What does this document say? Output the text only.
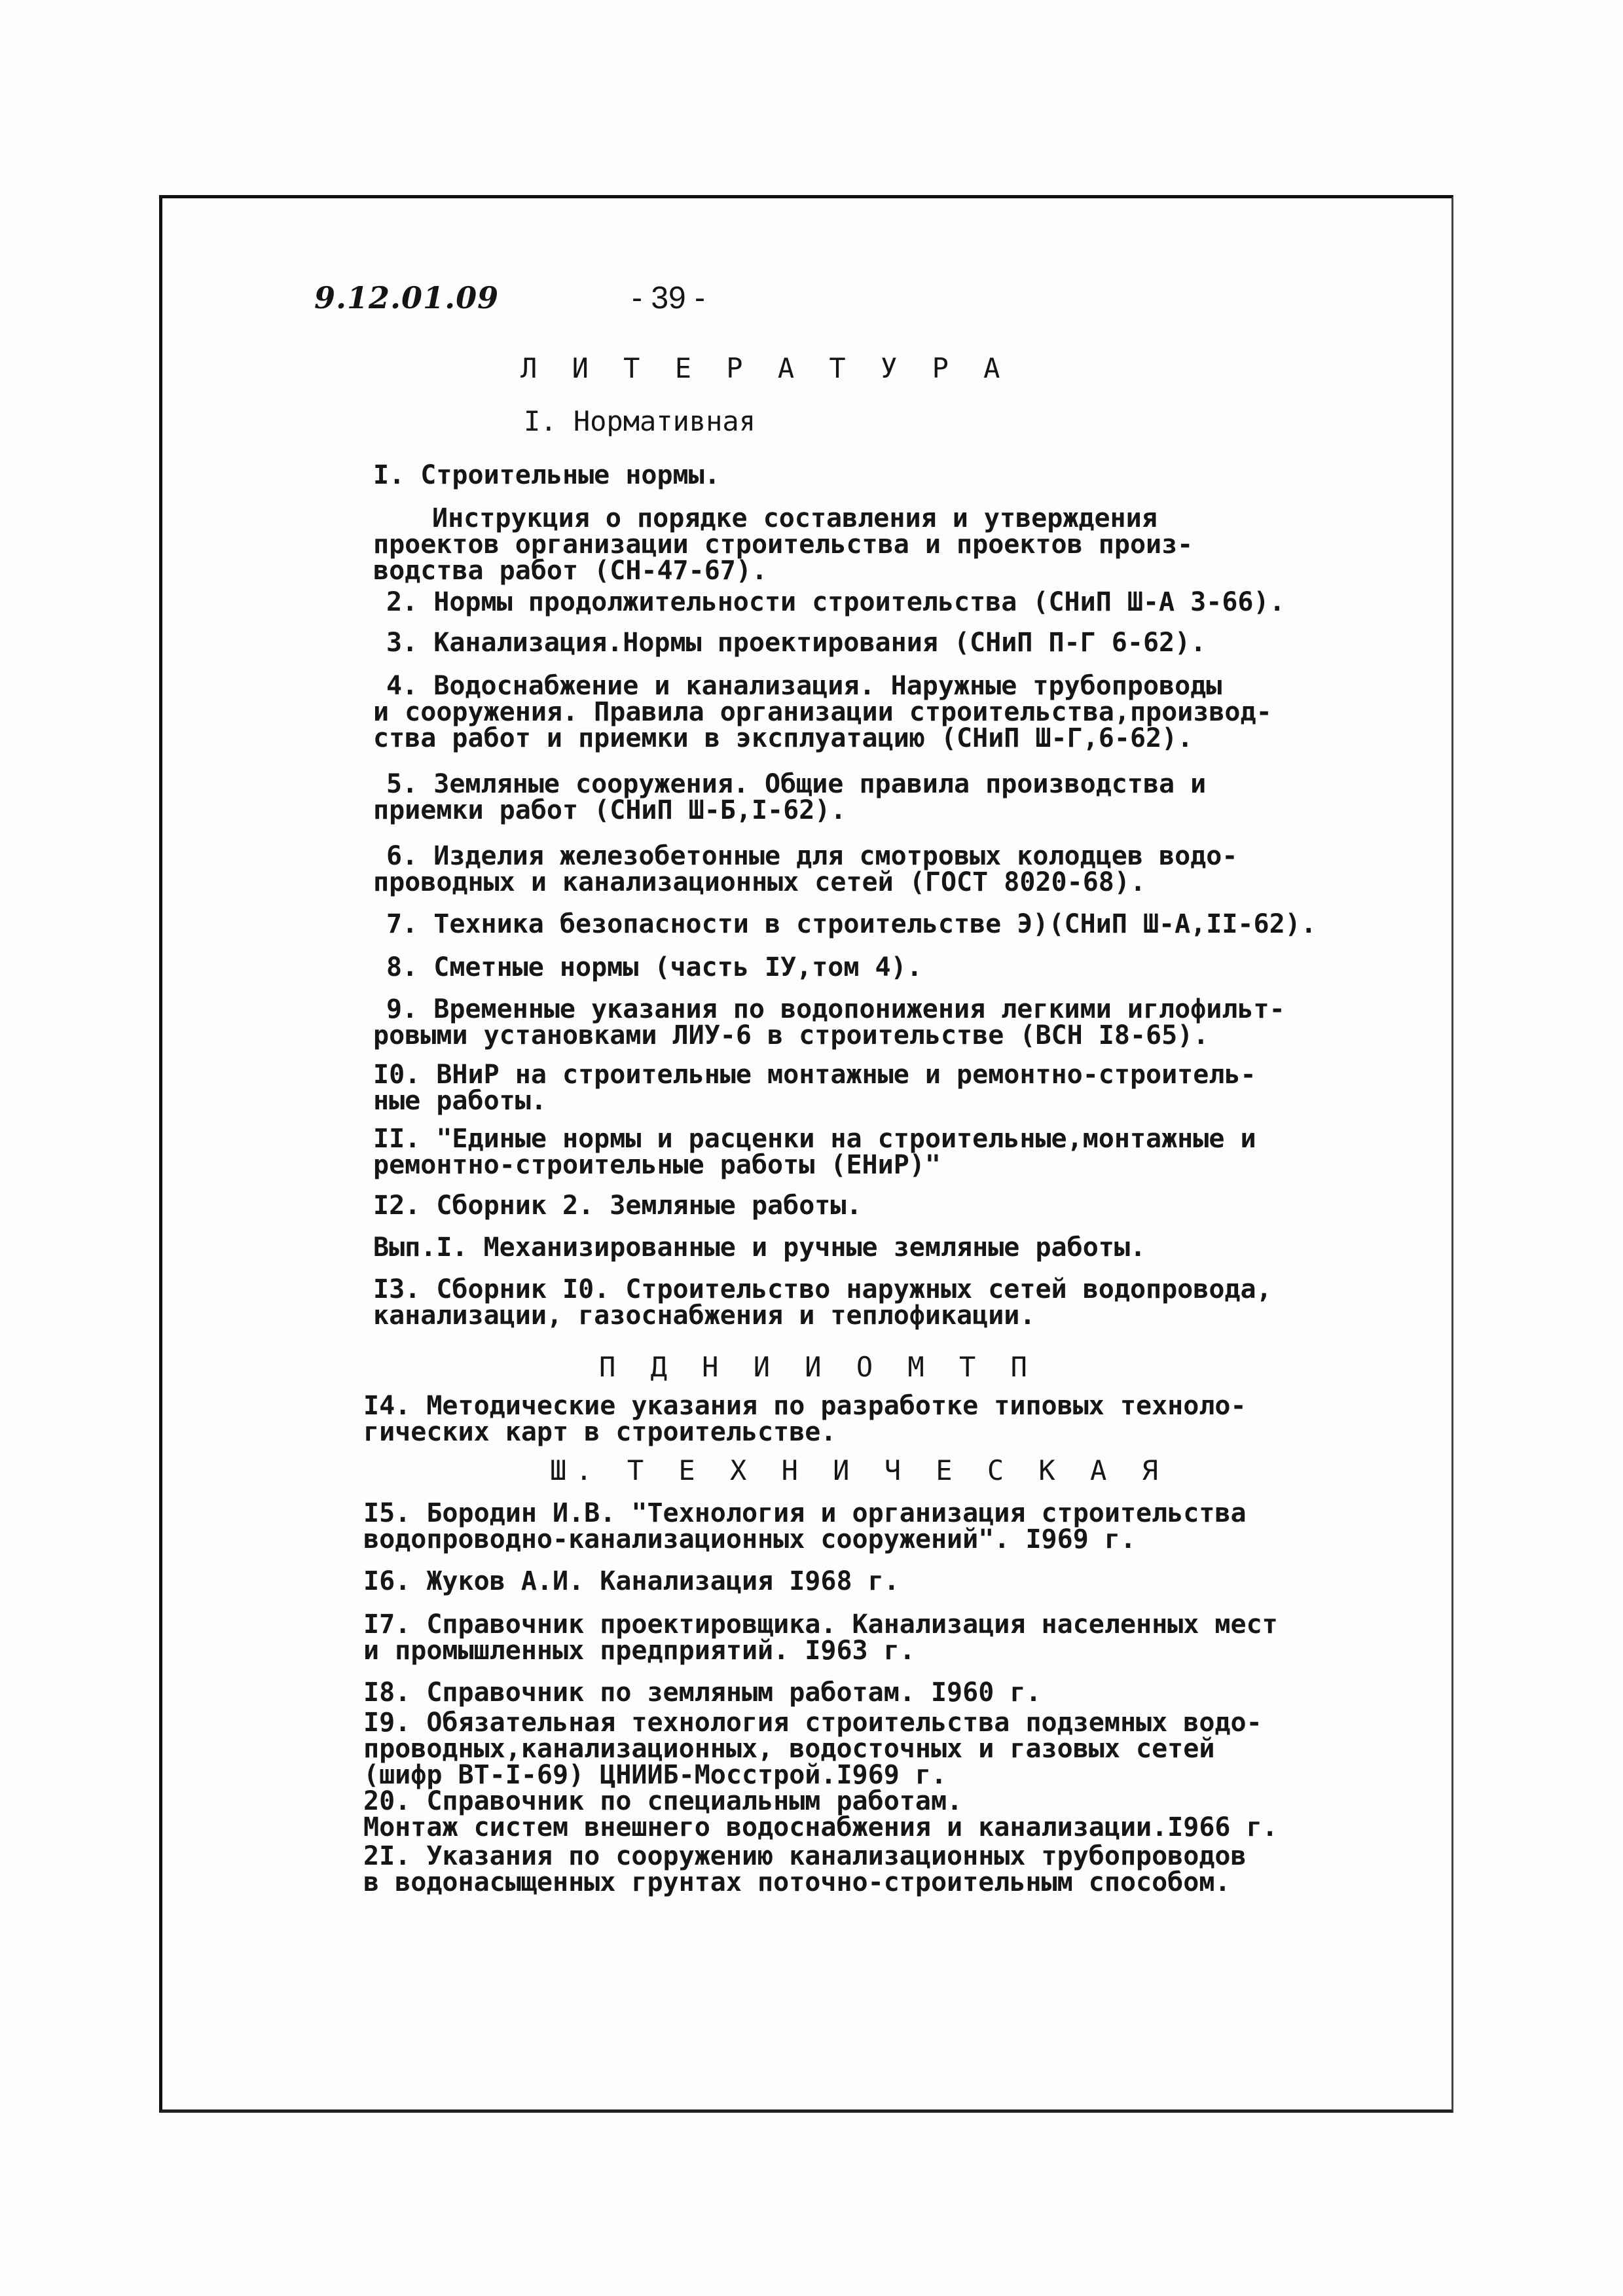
9.12.01.09	- 39 -
Л И Т Е Р А Т У Р А
I. Нормативная
I. Строительные нормы.
Инструкция о порядке составления и утверждения
проектов организации строительства и проектов произ-
водства работ (СН-47-67).
2. Нормы продолжительности строительства (СНиП Ш-А 3-66).
3. Канализация.Нормы проектирования (СНиП П-Г 6-62).
4. Водоснабжение и канализация. Наружные трубопроводы
и сооружения. Правила организации строительства,производ-
ства работ и приемки в эксплуатацию (СНиП Ш-Г,6-62).
5. Земляные сооружения. Общие правила производства и
приемки работ (СНиП Ш-Б,I-62).
6. Изделия железобетонные для смотровых колодцев водо-
проводных и канализационных сетей (ГОСТ 8020-68).
7. Техника безопасности в строительстве Э)(СНиП Ш-А,II-62).
8. Сметные нормы (часть IУ,том 4).
9. Временные указания по водопонижения легкими иглофильт-
ровыми установками ЛИУ-6 в строительстве (ВСН I8-65).
I0. ВНиР на строительные монтажные и ремонтно-строитель-
ные работы.
II. "Единые нормы и расценки на строительные,монтажные и
ремонтно-строительные работы (ЕНиР)"
I2. Сборник 2. Земляные работы.
Вып.I. Механизированные и ручные земляные работы.
I3. Сборник I0. Строительство наружных сетей водопровода,
канализации, газоснабжения и теплофикации.
П Д Н И И О М Т П
I4. Методические указания по разработке типовых техноло-
гических карт в строительстве.
Ш. Т Е Х Н И Ч Е С К А Я
I5. Бородин И.В. "Технология и организация строительства
водопроводно-канализационных сооружений". I969 г.
I6. Жуков А.И. Канализация I968 г.
I7. Справочник проектировщика. Канализация наcеленных мест
и промышленных предприятий. I963 г.
I8. Справочник по земляным работам. I960 г.
I9. Обязательная технология строительства подземных водо-
проводных,канализационных, водосточных и газовых сетей
(шифр ВТ-I-69) ЦНИИБ-Мосстрой.I969 г.
20. Справочник по специальным работам.
Монтаж систем внешнего водоснабжения и канализации.I966 г.
2I. Указания по сооружению канализационных трубопроводов
в водонасыщенных грунтах поточно-строительным способом.
